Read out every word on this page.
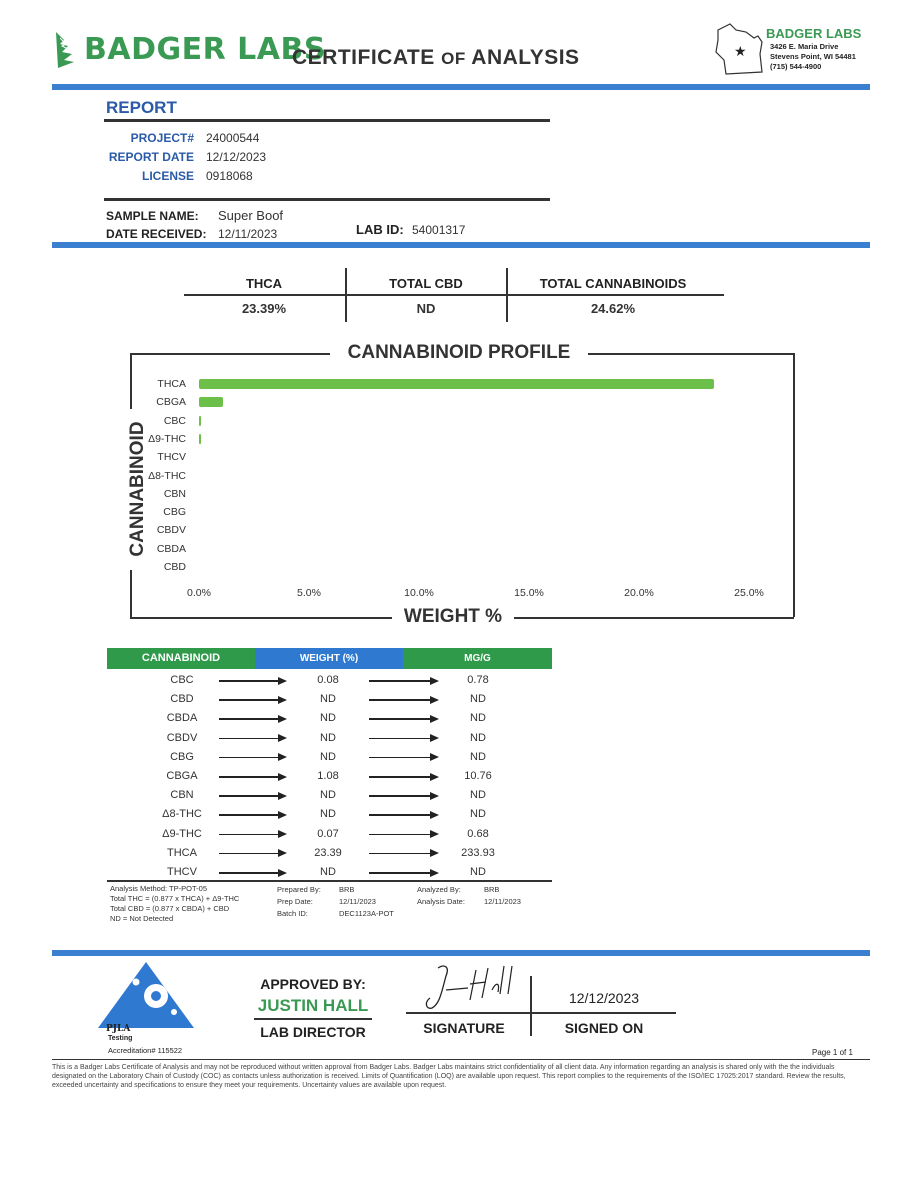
BADGER LABS
CERTIFICATE OF ANALYSIS	★
BADGER LABS
3426 E. Maria Drive
Stevens Point, WI 54481
(715) 544-4900
REPORT
PROJECT# 24000544
REPORT DATE 12/12/2023
LICENSE 0918068
SAMPLE NAME: Super Boof
DATE RECEIVED: 12/11/2023	LAB ID: 54001317
THCA	TOTAL CBD	TOTAL CANNABINOIDS
23.39%	ND	24.62%
CANNABINOID PROFILE
WEIGHT %
CANNABINOID
THCA
CBGA
CBC
Δ9-THC
THCV
Δ8-THC
CBN
CBG
CBDV
CBDA
CBD
0.0%	5.0%	10.0%	15.0%	20.0%	25.0%
CANNABINOID	WEIGHT (%)	MG/G
CBC	0.08	0.78
CBD	ND	ND
CBDA	ND	ND
CBDV	ND	ND
CBG	ND	ND
CBGA	1.08	10.76
CBN	ND	ND
Δ8-THC	ND	ND
Δ9-THC	0.07	0.68
THCA	23.39	233.93
THCV	ND	ND
Analysis Method: TP-POT-05
Total THC = (0.877 x THCA) + Δ9-THC
Total CBD = (0.877 x CBDA) + CBD
ND = Not Detected
Prepared By: BRB
Prep Date:	12/11/2023
Batch ID:	DEC1123A-POT
Analyzed By:	BRB
Analysis Date:	12/11/2023
PJLA
Testing
Accreditation# 115522
APPROVED BY:
JUSTIN HALL
LAB DIRECTOR	SIGNATURE
12/12/2023
SIGNED ON
Page 1 of 1
This is a Badger Labs Certificate of Analysis and may not be reproduced without written approval from Badger Labs. Badger Labs maintains strict confidentiality of all client data. Any information regarding an analysis is shared only with the the individuals designated on the Laboratory Chain of Custody (COC) as contacts unless authorization is received. Limits of Quantification (LOQ) are available upon request. This report complies to the requirements of the ISO/IEC 17025:2017 standard. Review the results, exceeded uncertainty and specifications to ensure they meet your requirements. Uncertainty values are available upon request.
